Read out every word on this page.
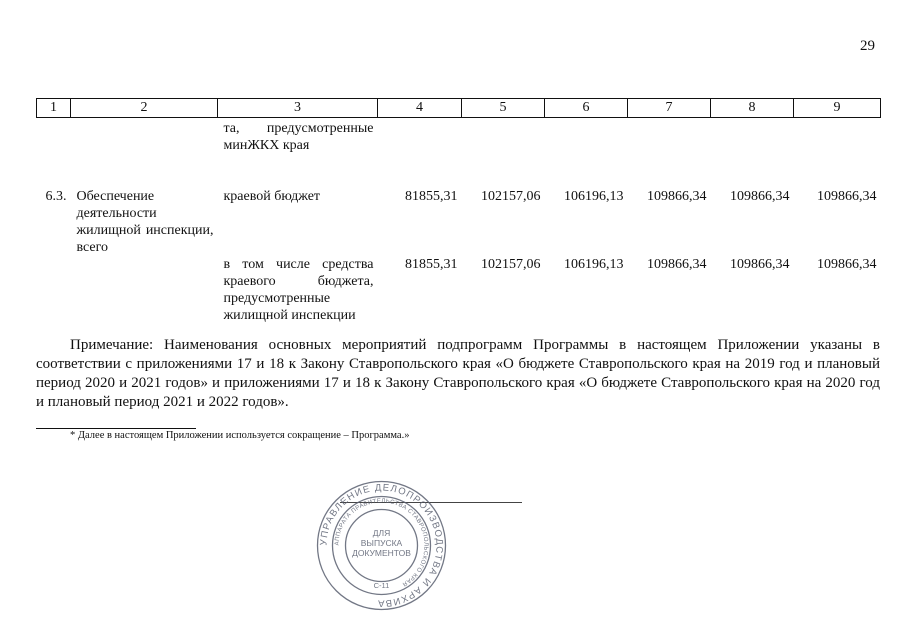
29
1	2	3	4	5	6	7	8	9
		та, предусмотренные минЖКХ края						
6.3.	Обеспечение деятельности жилищной инспекции, всего	краевой бюджет	81855,31	102157,06	106196,13	109866,34	109866,34	109866,34
		в том числе средства краевого бюджета, предусмотренные жилищной инспекции	81855,31	102157,06	106196,13	109866,34	109866,34	109866,34
Примечание: Наименования основных мероприятий подпрограмм Программы в настоящем Приложении указаны в соответствии с приложениями 17 и 18 к Закону Ставропольского края «О бюджете Ставропольского края на 2019 год и плановый период 2020 и 2021 годов» и приложениями 17 и 18 к Закону Ставропольского края «О бюджете Ставропольского края на 2020 год и плановый период 2021 и 2022 годов».
* Далее в настоящем Приложении используется сокращение – Программа.»
УПРАВЛЕНИЕ ДЕЛОПРОИЗВОДСТВА И АРХИВА
АППАРАТА ПРАВИТЕЛЬСТВА СТАВРОПОЛЬСКОГО КРАЯ
ДЛЯ
ВЫПУСКА
ДОКУМЕНТОВ
С-11
